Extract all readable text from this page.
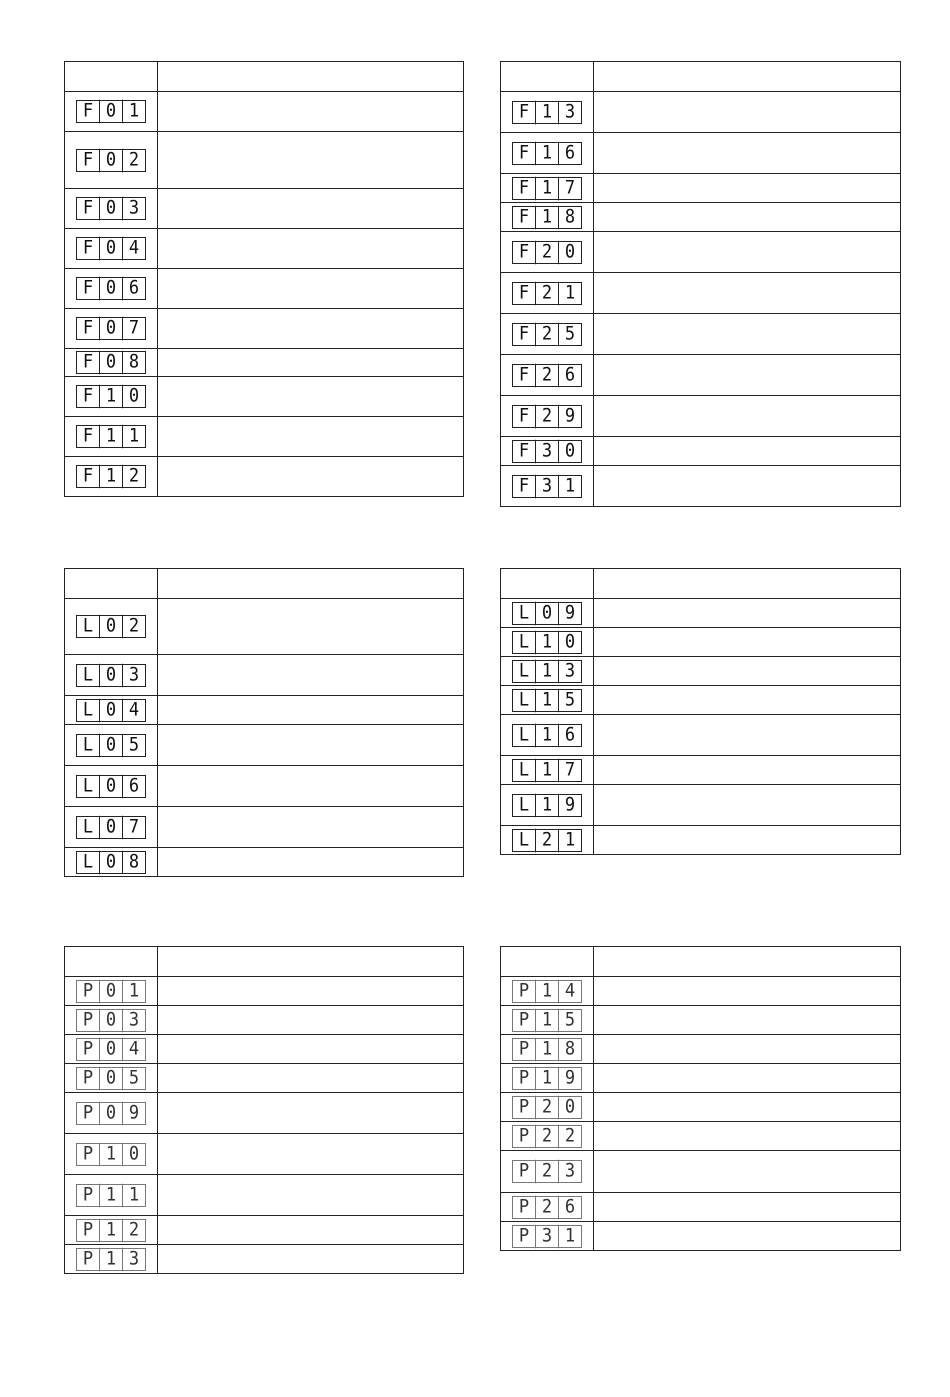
F 0 1	

F 0 2	

F 0 3	

F 0 4	

F 0 6	

F 0 7	

F 0 8	

F 1 0	

F 1 1	

F 1 2	

F 1 3	

F 1 6	

F 1 7	

F 1 8	

F 2 0	

F 2 1	

F 2 5	

F 2 6	

F 2 9	

F 3 0	

F 3 1	

L 0 2	

L 0 3	

L 0 4	

L 0 5	

L 0 6	

L 0 7	

L 0 8	

L 0 9	

L 1 0	

L 1 3	

L 1 5	

L 1 6	

L 1 7	

L 1 9	

L 2 1	

P 0 1	

P 0 3	

P 0 4	

P 0 5	

P 0 9	

P 1 0	

P 1 1	

P 1 2	

P 1 3	

P 1 4	

P 1 5	

P 1 8	

P 1 9	

P 2 0	

P 2 2	

P 2 3	

P 2 6	

P 3 1	
